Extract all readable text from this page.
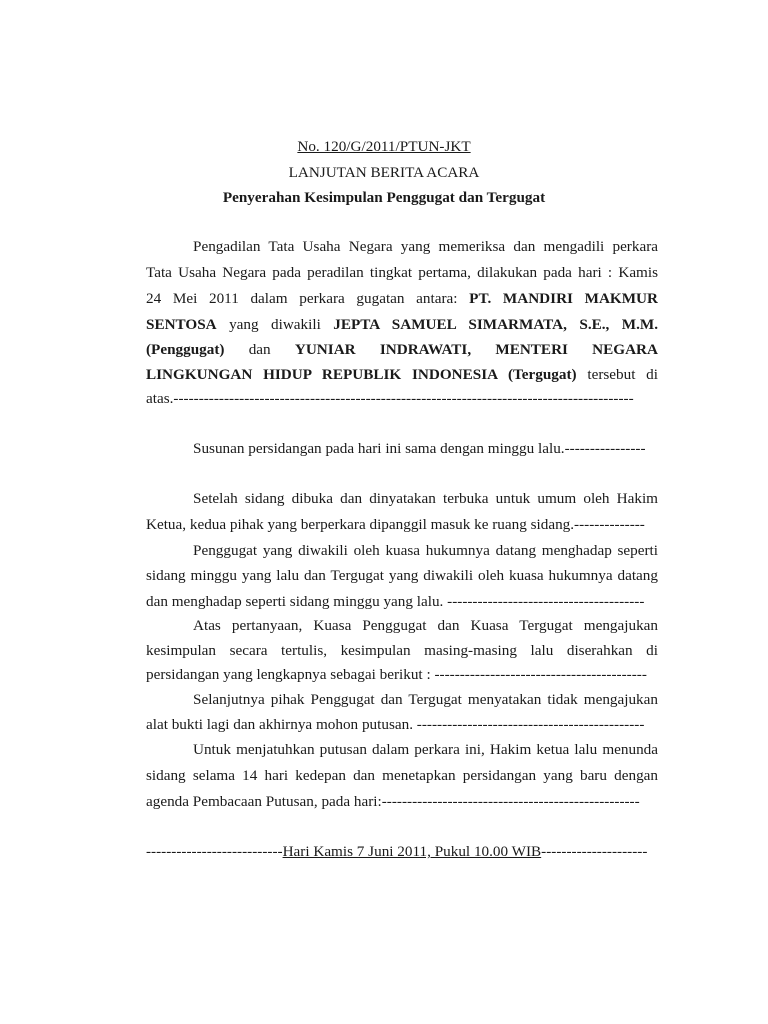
No. 120/G/2011/PTUN-JKT
LANJUTAN BERITA ACARA
Penyerahan Kesimpulan Penggugat dan Tergugat
Pengadilan Tata Usaha Negara yang memeriksa dan mengadili perkara
Tata Usaha Negara pada peradilan tingkat pertama, dilakukan pada hari : Kamis
24 Mei 2011 dalam perkara gugatan antara: PT. MANDIRI MAKMUR
SENTOSA yang diwakili JEPTA SAMUEL SIMARMATA, S.E., M.M.
(Penggugat) dan YUNIAR INDRAWATI, MENTERI NEGARA
LINGKUNGAN HIDUP REPUBLIK INDONESIA (Tergugat) tersebut di
atas.-------------------------------------------------------------------------------------------
Susunan persidangan pada hari ini sama dengan minggu lalu.----------------
Setelah sidang dibuka dan dinyatakan terbuka untuk umum oleh Hakim
Ketua, kedua pihak yang berperkara dipanggil masuk ke ruang sidang.--------------
Penggugat yang diwakili oleh kuasa hukumnya datang menghadap seperti
sidang minggu yang lalu dan Tergugat yang diwakili oleh kuasa hukumnya datang
dan menghadap seperti sidang minggu yang lalu. ---------------------------------------
Atas pertanyaan, Kuasa Penggugat dan Kuasa Tergugat mengajukan
kesimpulan secara tertulis, kesimpulan masing-masing lalu diserahkan di
persidangan yang lengkapnya sebagai berikut : ------------------------------------------
Selanjutnya pihak Penggugat dan Tergugat menyatakan tidak mengajukan
alat bukti lagi dan akhirnya mohon putusan. ---------------------------------------------
Untuk menjatuhkan putusan dalam perkara ini, Hakim ketua lalu menunda
sidang selama 14 hari kedepan dan menetapkan persidangan yang baru dengan
agenda Pembacaan Putusan, pada hari:---------------------------------------------------
---------------------------Hari Kamis 7 Juni 2011, Pukul 10.00 WIB---------------------
